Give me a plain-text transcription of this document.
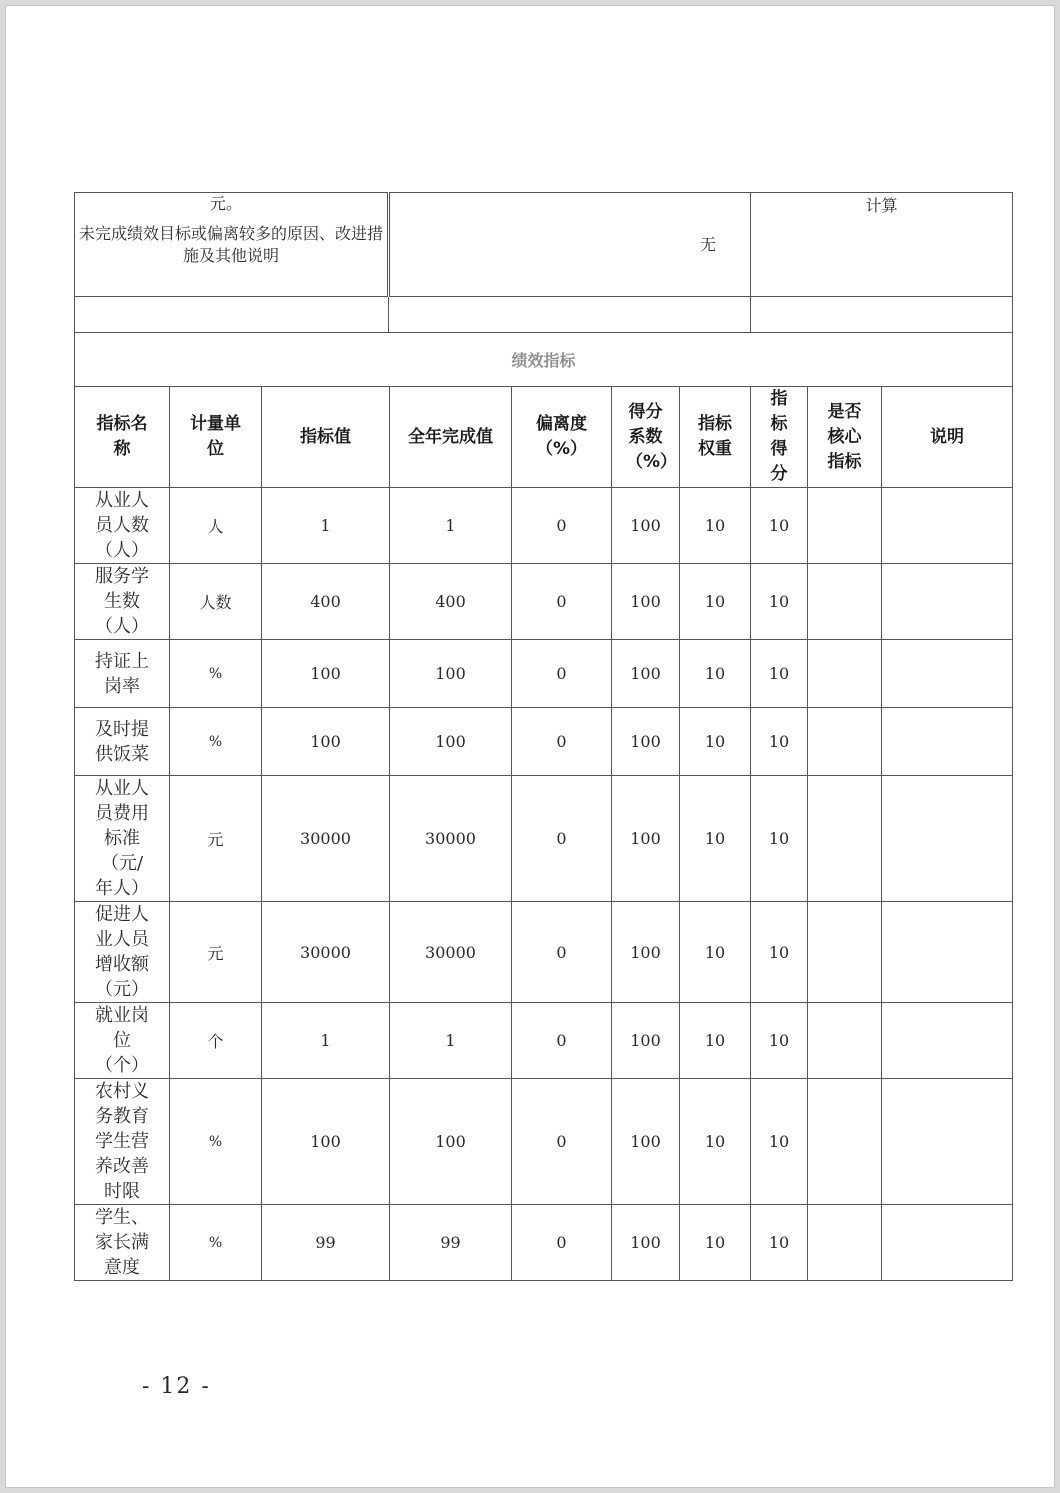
元。
未完成绩效目标或偏离较多的原因、改进措施及其他说明	无	计算

绩效指标									
指标名称	计量单位	指标值	全年完成值	偏离度（%）	得分系数（%）	指标权重	指标得分	是否核心指标	说明
从业人员人数（人）	人	1	1	0	100	10	10		
服务学生数（人）	人数	400	400	0	100	10	10		
持证上岗率	%	100	100	0	100	10	10		
及时提供饭菜	%	100	100	0	100	10	10		
从业人员费用标准（元/年人）	元	30000	30000	0	100	10	10		
促进人业人员增收额（元）	元	30000	30000	0	100	10	10		
就业岗位（个）	个	1	1	0	100	10	10		
农村义务教育学生营养改善时限	%	100	100	0	100	10	10		
学生、家长满意度	%	99	99	0	100	10	10		
- 12 -
